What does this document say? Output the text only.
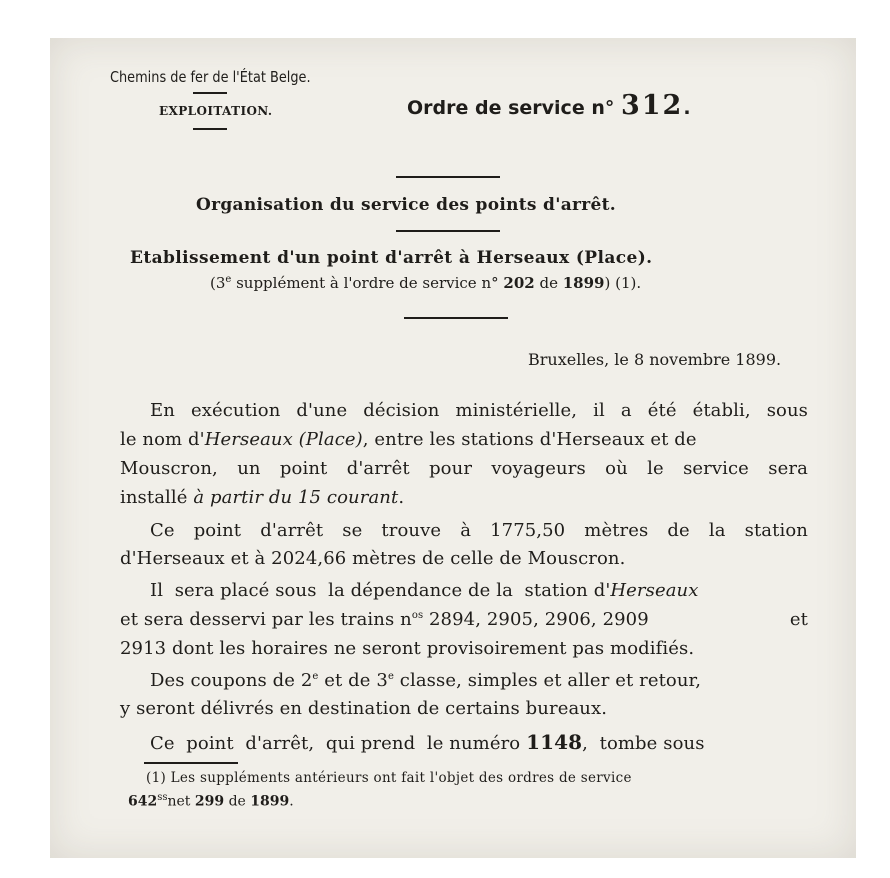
Chemins de fer de l'État Belge.
EXPLOITATION.	Ordre de service n° 312.
Organisation du service des points d'arrêt.
Etablissement d'un point d'arrêt à Herseaux (Place).
(3e supplément à l'ordre de service n° 202 de 1899) (1).
Bruxelles, le 8 novembre 1899.
En exécution d'une décision ministérielle, il a été établi, sous
le nom d'Herseaux (Place), entre les stations d'Herseaux et de
Mouscron, un point d'arrêt pour voyageurs où le service sera
installé à partir du 15 courant.
Ce point d'arrêt se trouve à 1775,50 mètres de la station
d'Herseaux et à 2024,66 mètres de celle de Mouscron.
Il  sera placé sous  la dépendance de la  station d'Herseaux
et sera desservi par les trains $n^{os}$ 2894, 2905, 2906, 2909	et
2913 dont les horaires ne seront provisoirement pas modifiés.
Des coupons de 2e et de 3e classe, simples et aller et retour,
y seront délivrés en destination de certains bureaux.
Ce  point  d'arrêt,  qui prend  le numéro 1148,  tombe sous
(1) Les suppléments antérieurs ont fait l'objet des ordres de service
$642^{ss}net$ 299 de 1899.
